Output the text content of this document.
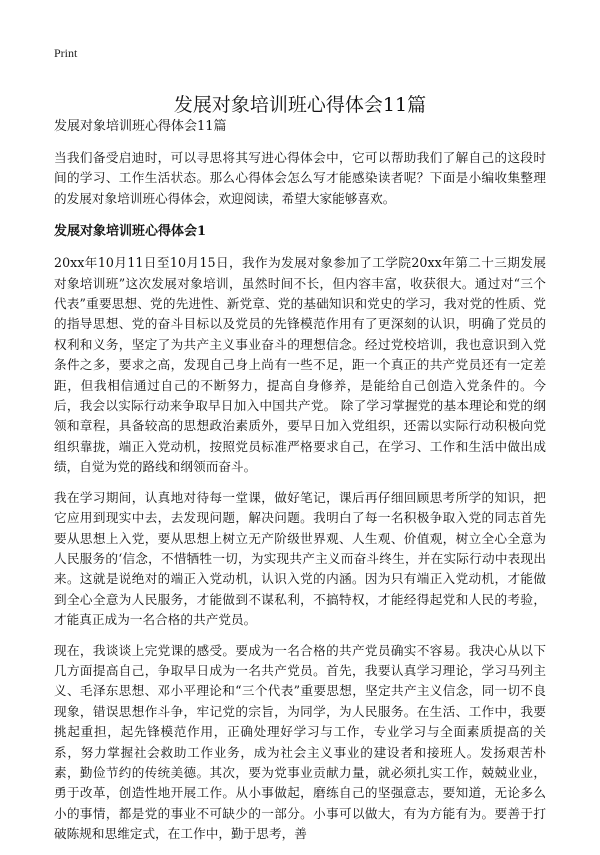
Print
发展对象培训班心得体会11篇
发展对象培训班心得体会11篇

当我们备受启迪时，可以寻思将其写进心得体会中，它可以帮助我们了解自己的这段时间的学习、工作生活状态。那么心得体会怎么写才能感染读者呢？下面是小编收集整理的发展对象培训班心得体会，欢迎阅读，希望大家能够喜欢。

发展对象培训班心得体会1

20xx年10月11日至10月15日，我作为发展对象参加了工学院20xx年第二十三期发展对象培训班”这次发展对象培训，虽然时间不长，但内容丰富，收获很大。通过对“三个代表”重要思想、党的先进性、新党章、党的基础知识和党史的学习，我对党的性质、党的指导思想、党的奋斗目标以及党员的先锋模范作用有了更深刻的认识，明确了党员的权利和义务，坚定了为共产主义事业奋斗的理想信念。经过党校培训，我也意识到入党条件之多，要求之高，发现自己身上尚有一些不足，距一个真正的共产党员还有一定差距，但我相信通过自己的不断努力，提高自身修养，是能给自己创造入党条件的。今后，我会以实际行动来争取早日加入中国共产党。 除了学习掌握党的基本理论和党的纲领和章程，具备较高的思想政治素质外，要早日加入党组织，还需以实际行动积极向党组织靠拢，端正入党动机，按照党员标准严格要求自己，在学习、工作和生活中做出成绩，自觉为党的路线和纲领而奋斗。

我在学习期间，认真地对待每一堂课，做好笔记，课后再仔细回顾思考所学的知识，把它应用到现实中去，去发现问题，解决问题。我明白了每一名积极争取入党的同志首先要从思想上入党，要从思想上树立无产阶级世界观、人生观、价值观，树立全心全意为人民服务的‘信念，不惜牺牲一切，为实现共产主义而奋斗终生，并在实际行动中表现出来。这就是说绝对的端正入党动机，认识入党的内涵。因为只有端正入党动机，才能做到全心全意为人民服务，才能做到不谋私利，不搞特权，才能经得起党和人民的考验，才能真正成为一名合格的共产党员。

现在，我谈谈上完党课的感受。要成为一名合格的共产党员确实不容易。我决心从以下几方面提高自己，争取早日成为一名共产党员。首先，我要认真学习理论，学习马列主义、毛泽东思想、邓小平理论和“三个代表”重要思想，坚定共产主义信念，同一切不良现象，错误思想作斗争，牢记党的宗旨，为同学，为人民服务。在生活、工作中，我要挑起重担，起先锋模范作用，正确处理好学习与工作，专业学习与全面素质提高的关系，努力掌握社会救助工作业务，成为社会主义事业的建设者和接班人。发扬艰苦朴素，勤俭节约的传统美德。其次，要为党事业贡献力量，就必须扎实工作，兢兢业业，勇于改革，创造性地开展工作。从小事做起，磨练自己的坚强意志，要知道，无论多么小的事情，都是党的事业不可缺少的一部分。小事可以做大，有为方能有为。要善于打破陈规和思维定式，在工作中，勤于思考，善
